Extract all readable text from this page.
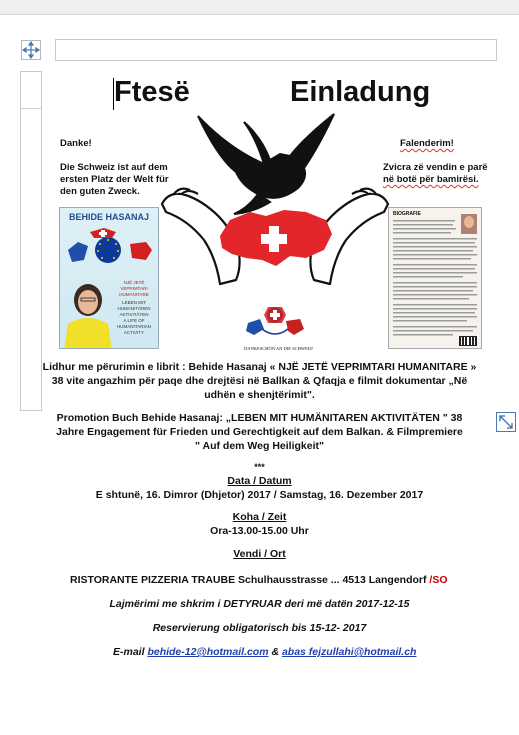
Ftesë	Einladung
Danke!
Die Schweiz ist auf dem
ersten Platz der Welt für
den guten Zweck.
Falenderim!
Zvicra zë vendin e parë
në botë për bamirësi.
BEHIDE HASANAJ
NJË JETË VEPRIMTARI HUMANITARE
LEBEN MIT HUMANITÄREN AKTIVITÄTEN
A LIFE OF HUMANITARIAN ACTIVITY
BIOGRAFIE
DANKESCHÖN AN DIE SCHWEIZ!
Lidhur me përurimin e librit : Behide Hasanaj « NJË JETË VEPRIMTARI HUMANITARE »
38 vite angazhim për paqe dhe drejtësi në Ballkan & Qfaqja e filmit dokumentar „Në
udhën e shenjtërimit".
Promotion Buch Behide Hasanaj: „LEBEN MIT HUMÄNITAREN AKTIVITÄTEN " 38
Jahre Engagement für Frieden und Gerechtigkeit auf dem Balkan. & Filmpremiere
" Auf dem Weg Heiligkeit"
***
Data / Datum
E shtunë, 16. Dimror (Dhjetor) 2017 / Samstag, 16. Dezember 2017
Koha / Zeit
Ora-13.00-15.00 Uhr
Vendi / Ort
RISTORANTE PIZZERIA TRAUBE Schulhausstrasse ... 4513 Langendorf /SO
Lajmërimi me shkrim i DETYRUAR deri më datën 2017-12-15
Reservierung obligatorisch bis 15-12- 2017
E-mail behide-12@hotmail.com & abas fejzullahi@hotmail.ch
